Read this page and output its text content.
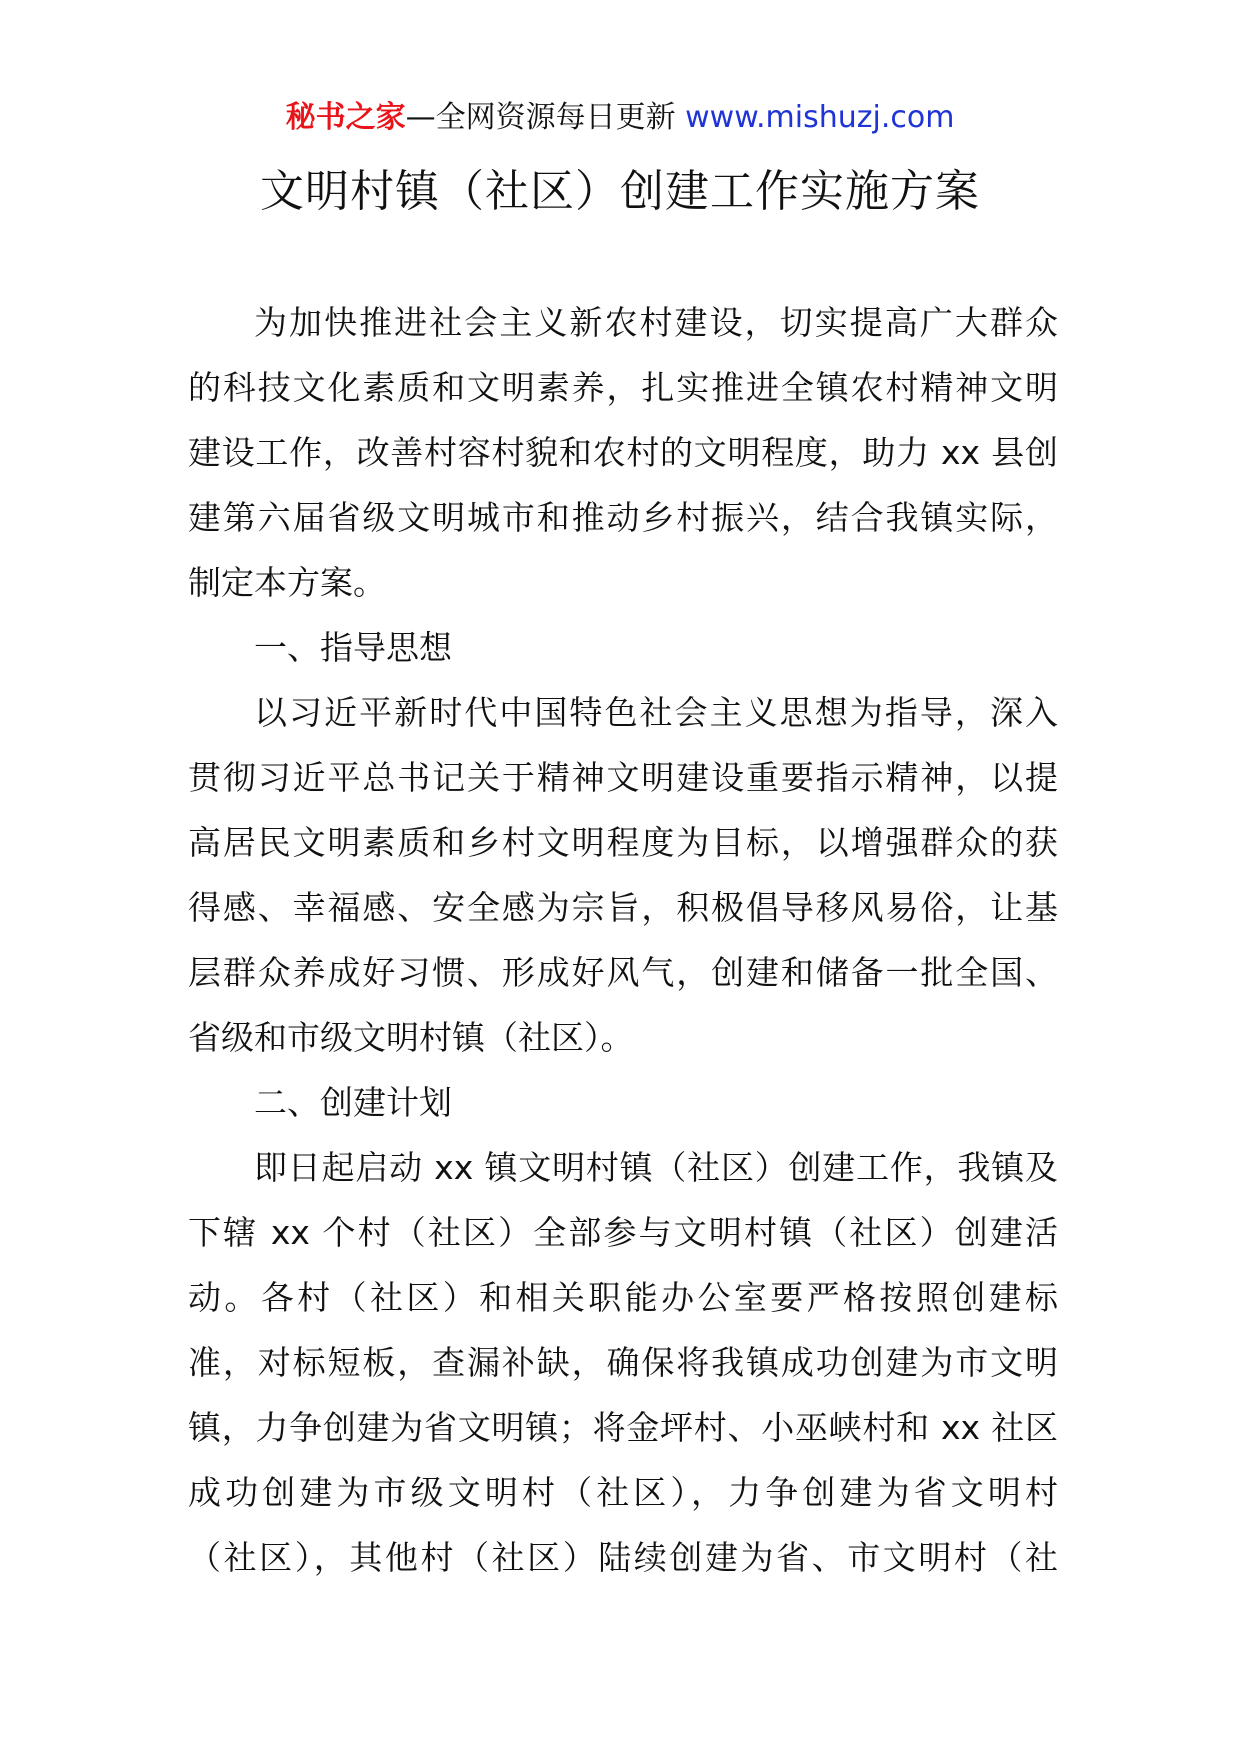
秘书之家—全网资源每日更新 www.mishuzj.com
文明村镇（社区）创建工作实施方案
为加快推进社会主义新农村建设，切实提高广大群众
的科技文化素质和文明素养，扎实推进全镇农村精神文明
建设工作，改善村容村貌和农村的文明程度，助力 xx 县创
建第六届省级文明城市和推动乡村振兴，结合我镇实际，
制定本方案。
一、指导思想
以习近平新时代中国特色社会主义思想为指导，深入
贯彻习近平总书记关于精神文明建设重要指示精神，以提
高居民文明素质和乡村文明程度为目标，以增强群众的获
得感、幸福感、安全感为宗旨，积极倡导移风易俗，让基
层群众养成好习惯、形成好风气，创建和储备一批全国、
省级和市级文明村镇（社区）。
二、创建计划
即日起启动 xx 镇文明村镇（社区）创建工作，我镇及
下辖 xx 个村（社区）全部参与文明村镇（社区）创建活
动。各村（社区）和相关职能办公室要严格按照创建标
准，对标短板，查漏补缺，确保将我镇成功创建为市文明
镇，力争创建为省文明镇；将金坪村、小巫峡村和 xx 社区
成功创建为市级文明村（社区），力争创建为省文明村
（社区），其他村（社区）陆续创建为省、市文明村（社
